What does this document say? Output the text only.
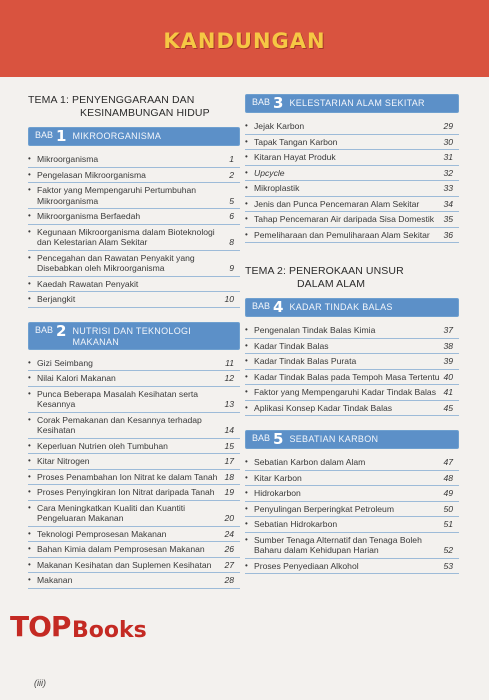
KANDUNGAN
TEMA 1: PENYENGGARAAN DAN
KESINAMBUNGAN HIDUP
BAB 1 MIKROORGANISMA
• Mikroorganisma	1
• Pengelasan Mikroorganisma	2
• Faktor yang Mempengaruhi Pertumbuhan Mikroorganisma	5
• Mikroorganisma Berfaedah	6
• Kegunaan Mikroorganisma dalam Bioteknologi dan Kelestarian Alam Sekitar	8
• Pencegahan dan Rawatan Penyakit yang Disebabkan oleh Mikroorganisma	9
• Kaedah Rawatan Penyakit
• Berjangkit	10
BAB 2 NUTRISI DAN TEKNOLOGI MAKANAN
• Gizi Seimbang	11
• Nilai Kalori Makanan	12
• Punca Beberapa Masalah Kesihatan serta Kesannya	13
• Corak Pemakanan dan Kesannya terhadap Kesihatan	14
• Keperluan Nutrien oleh Tumbuhan	15
• Kitar Nitrogen	17
• Proses Penambahan Ion Nitrat ke dalam Tanah 18
• Proses Penyingkiran Ion Nitrat daripada Tanah	19
• Cara Meningkatkan Kualiti dan Kuantiti Pengeluaran Makanan	20
• Teknologi Pemprosesan Makanan	24
• Bahan Kimia dalam Pemprosesan Makanan	26
• Makanan Kesihatan dan Suplemen Kesihatan	27
• Makanan	28
BAB 3 KELESTARIAN ALAM SEKITAR
• Jejak Karbon	29
• Tapak Tangan Karbon	30
• Kitaran Hayat Produk	31
• Upcycle	32
• Mikroplastik	33
• Jenis dan Punca Pencemaran Alam Sekitar	34
• Tahap Pencemaran Air daripada Sisa Domestik	35
• Pemeliharaan dan Pemuliharaan Alam Sekitar	36
TEMA 2: PENEROKAAN UNSUR
DALAM ALAM
BAB 4 KADAR TINDAK BALAS
• Pengenalan Tindak Balas Kimia	37
• Kadar Tindak Balas	38
• Kadar Tindak Balas Purata	39
• Kadar Tindak Balas pada Tempoh Masa Tertentu 40
• Faktor yang Mempengaruhi Kadar Tindak Balas 41
• Aplikasi Konsep Kadar Tindak Balas	45
BAB 5 SEBATIAN KARBON
• Sebatian Karbon dalam Alam	47
• Kitar Karbon	48
• Hidrokarbon	49
• Penyulingan Berperingkat Petroleum	50
• Sebatian Hidrokarbon	51
• Sumber Tenaga Alternatif dan Tenaga Boleh Baharu dalam Kehidupan Harian	52
• Proses Penyediaan Alkohol	53
TOP Books
(iii)
